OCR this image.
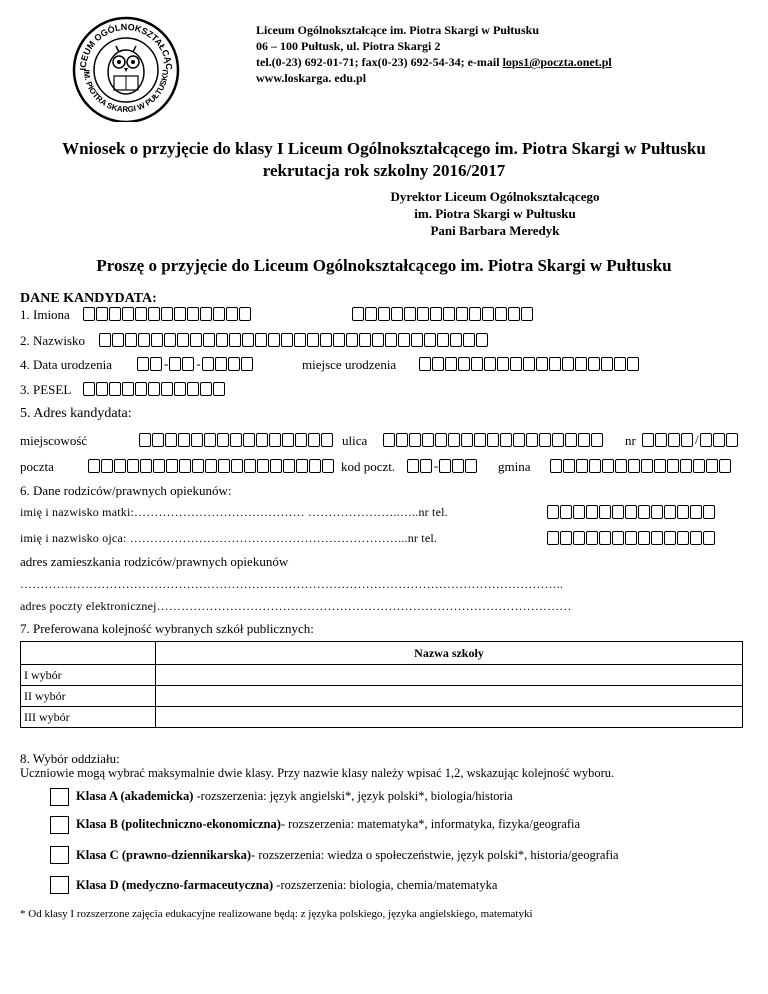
ICEUM OGÓLNOKSZTAŁCĄC
IM. PIOTRA SKARGI W PUŁTUSKU
Liceum Ogólnokształcące im. Piotra Skargi w Pułtusku
06 – 100 Pułtusk, ul. Piotra Skargi 2
tel.(0-23) 692-01-71; fax(0-23) 692-54-34; e-mail lops1@poczta.onet.pl
www.loskarga. edu.pl
Wniosek o przyjęcie do klasy I Liceum Ogólnokształcącego im. Piotra Skargi w Pułtusku
rekrutacja rok szkolny 2016/2017
Dyrektor Liceum Ogólnokształcącego
im. Piotra Skargi w Pułtusku
Pani Barbara Meredyk
Proszę o przyjęcie do Liceum Ogólnokształcącego im. Piotra Skargi w Pułtusku
DANE KANDYDATA:
1. Imiona
2. Nazwisko
4. Data urodzenia	- -	miejsce urodzenia
3. PESEL
5. Adres kandydata:
miejscowość	ulica	nr	/
poczta	kod poczt.	-	gmina
6. Dane rodziców/prawnych opiekunów:
imię i nazwisko matki:…………………………………… …………………..…..nr tel.
imię i nazwisko ojca: …………………………………………………………...nr tel.
adres zamieszkania rodziców/prawnych opiekunów
……………………………………………………………………………………………………………………..
adres poczty elektronicznej…………………………………………………………………………………………
7. Preferowana kolejność wybranych szkół publicznych:
	Nazwa szkoły
I wybór	
II wybór	
III wybór	
8. Wybór oddziału:
Uczniowie mogą wybrać maksymalnie dwie klasy. Przy nazwie klasy należy wpisać 1,2, wskazując kolejność wyboru.
Klasa A (akademicka) -rozszerzenia: język angielski*, język polski*, biologia/historia
Klasa B (politechniczno-ekonomiczna)- rozszerzenia: matematyka*, informatyka, fizyka/geografia
Klasa C (prawno-dziennikarska)- rozszerzenia: wiedza o społeczeństwie, język polski*, historia/geografia
Klasa D (medyczno-farmaceutyczna) -rozszerzenia: biologia, chemia/matematyka
* Od klasy I rozszerzone zajęcia edukacyjne realizowane będą: z języka polskiego, języka angielskiego, matematyki
